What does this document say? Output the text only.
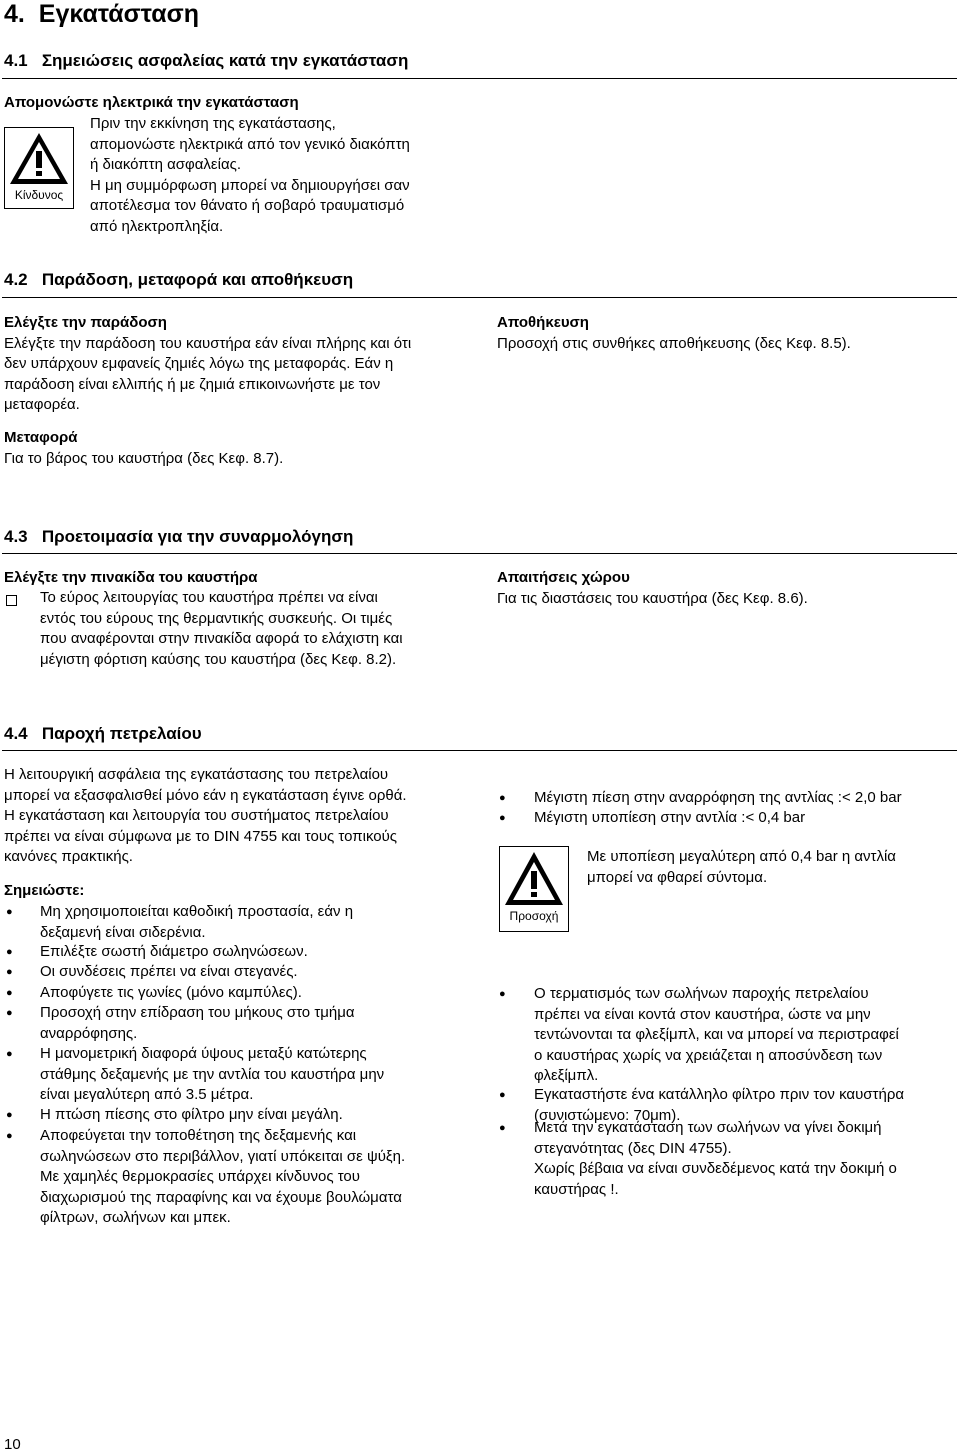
4. Εγκατάσταση
4.1 Σημειώσεις ασφαλείας κατά την εγκατάσταση
Απομονώστε ηλεκτρικά την εγκατάσταση
Κίνδυνος
Πριν την εκκίνηση της εγκατάστασης,
απομονώστε ηλεκτρικά από τον γενικό διακόπτη
ή διακόπτη ασφαλείας.
Η μη συμμόρφωση μπορεί να δημιουργήσει σαν
αποτέλεσμα τον θάνατο ή σοβαρό τραυματισμό
από ηλεκτροπληξία.
4.2 Παράδοση, μεταφορά και αποθήκευση
Ελέγξτε την παράδοση
Ελέγξτε την παράδοση του καυστήρα εάν είναι πλήρης και ότι
δεν υπάρχουν εμφανείς ζημιές λόγω της μεταφοράς. Εάν η
παράδοση είναι ελλιπής ή με ζημιά επικοινωνήστε με τον
μεταφορέα.
Μεταφορά
Για το βάρος του καυστήρα (δες Κεφ. 8.7).
Αποθήκευση
Προσοχή στις συνθήκες αποθήκευσης (δες Κεφ. 8.5).
4.3 Προετοιμασία για την συναρμολόγηση
Ελέγξτε την πινακίδα του καυστήρα
Το εύρος λειτουργίας του καυστήρα πρέπει να είναι
εντός του εύρους της θερμαντικής συσκευής. Οι τιμές
που αναφέρονται στην πινακίδα αφορά το ελάχιστη και
μέγιστη φόρτιση καύσης του καυστήρα (δες Κεφ. 8.2).
Απαιτήσεις χώρου
Για τις διαστάσεις του καυστήρα (δες Κεφ. 8.6).
4.4 Παροχή πετρελαίου
Η λειτουργική ασφάλεια της εγκατάστασης του πετρελαίου
μπορεί να εξασφαλισθεί μόνο εάν η εγκατάσταση έγινε ορθά.
Η εγκατάσταση και λειτουργία του συστήματος πετρελαίου
πρέπει να είναι σύμφωνα με το DIN 4755 και τους τοπικούς
κανόνες πρακτικής.
Σημειώστε:
● Μη χρησιμοποιείται καθοδική προστασία, εάν η
δεξαμενή είναι σιδερένια.
● Επιλέξτε σωστή διάμετρο σωληνώσεων.
● Οι συνδέσεις πρέπει να είναι στεγανές.
● Αποφύγετε τις γωνίες (μόνο καμπύλες).
● Προσοχή στην επίδραση του μήκους στο τμήμα
αναρρόφησης.
● Η μανομετρική διαφορά ύψους μεταξύ κατώτερης
στάθμης δεξαμενής με την αντλία του καυστήρα μην
είναι μεγαλύτερη από 3.5 μέτρα.
● Η πτώση πίεσης στο φίλτρο μην είναι μεγάλη.
● Αποφεύγεται την τοποθέτηση της δεξαμενής και
σωληνώσεων στο περιβάλλον, γιατί υπόκειται σε ψύξη.
Με χαμηλές θερμοκρασίες υπάρχει κίνδυνος του
διαχωρισμού της παραφίνης και να έχουμε βουλώματα
φίλτρων, σωλήνων και μπεκ.
● Μέγιστη πίεση στην αναρρόφηση της αντλίας :< 2,0 bar
● Μέγιστη υποπίεση στην αντλία :< 0,4 bar
Προσοχή
Με υποπίεση μεγαλύτερη από 0,4 bar η αντλία
μπορεί να φθαρεί σύντομα.
● Ο τερματισμός των σωλήνων παροχής πετρελαίου
πρέπει να είναι κοντά στον καυστήρα, ώστε να μην
τεντώνονται τα φλεξίμπλ, και να μπορεί να περιστραφεί
ο καυστήρας χωρίς να χρειάζεται η αποσύνδεση των
φλεξίμπλ.
● Εγκαταστήστε ένα κατάλληλο φίλτρο πριν τον καυστήρα
(συνιστώμενο: 70μm).
● Μετά την εγκατάσταση των σωλήνων να γίνει δοκιμή
στεγανότητας (δες DIN 4755).
Χωρίς βέβαια να είναι συνδεδέμενος κατά την δοκιμή ο
καυστήρας !.
10
